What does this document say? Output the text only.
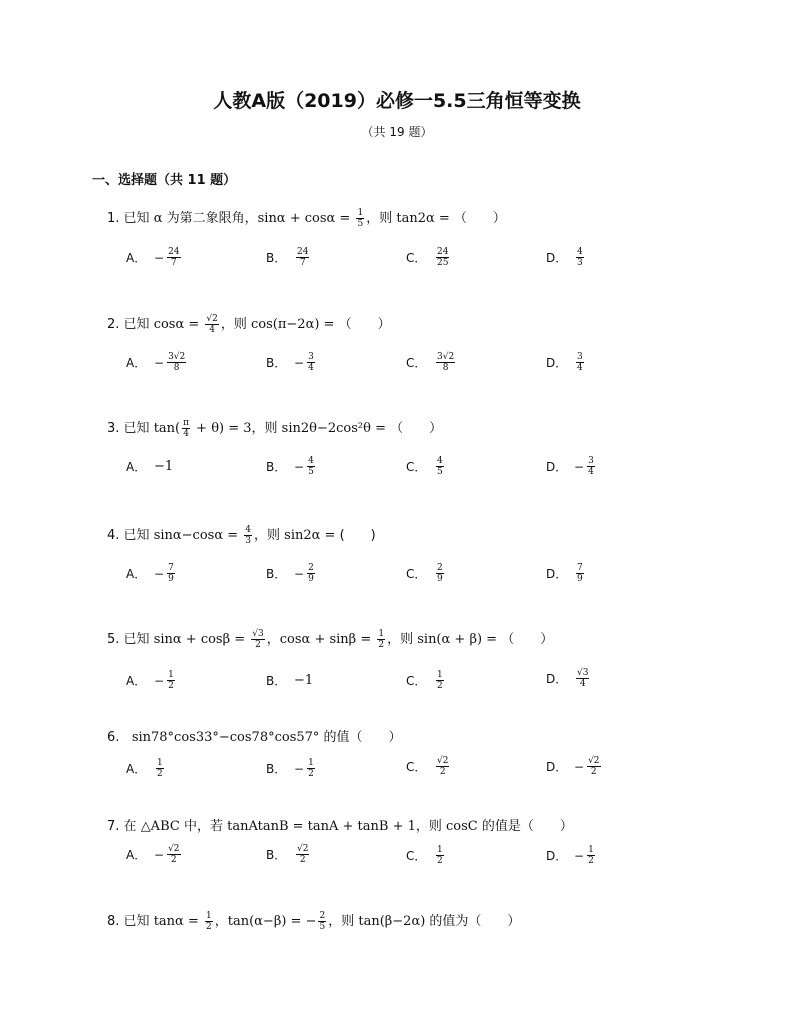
人教A版（2019）必修一5.5三角恒等变换
（共 19 题）
一、选择题（共 11 题）
1. 已知 α 为第二象限角，$\sin\alpha + \cos\alpha = \frac{1}{5}$ ，则 tan2α = （　　）
A． − $\frac{24}{7}$	B．	$\frac{24}{7}$	C．	$\frac{24}{25}$	D． $\frac{4}{3}$
2. 已知 $\cos\alpha = \frac{√2}{4}$ ，则 cos(π−2α) = （　　）
A． − $\frac{3√2}{8}$	B． − $\frac{3}{4}$	C．	$\frac{3√2}{8}$	D． $\frac{3}{4}$
3. 已知 $\tan( \frac{\pi}{4} + \theta) = 3$，则 sin2θ−2cos²θ = （　　）
A． −1	B． − $\frac{4}{5}$	C．	$\frac{4}{5}$	D． − $\frac{3}{4}$
4. 已知 $\sin\alpha-\cos\alpha = \frac{4}{3}$ ，则 sin2α = (　　)
A． − $\frac{7}{9}$	B． − $\frac{2}{9}$	C．	$\frac{2}{9}$	D． $\frac{7}{9}$
5. 已知 $\sin\alpha + \cos\beta = \frac{√3}{2}$ ，$\cos\alpha + \sin\beta = \frac{1}{2}$ ，则 sin(α + β) = （　　）
A． − $\frac{1}{2}$	B． −1	C．	$\frac{1}{2}$	D． $\frac{√3}{4}$
6. sin78°cos33°−cos78°cos57° 的值（　　）
A．	$\frac{1}{2}$	B． − $\frac{1}{2}$	C．	$\frac{√2}{2}$	D． − $\frac{√2}{2}$
7. 在 △ABC 中，若 tanAtanB = tanA + tanB + 1，则 cosC 的值是（　　）
A． − $\frac{√2}{2}$	B．	$\frac{√2}{2}$	C．	$\frac{1}{2}$	D． − $\frac{1}{2}$
8. 已知 $\tan\alpha = \frac{1}{2}$ ，tan(α−β) = − $\frac{2}{5}$ ，则 tan(β−2α) 的值为（　　）
